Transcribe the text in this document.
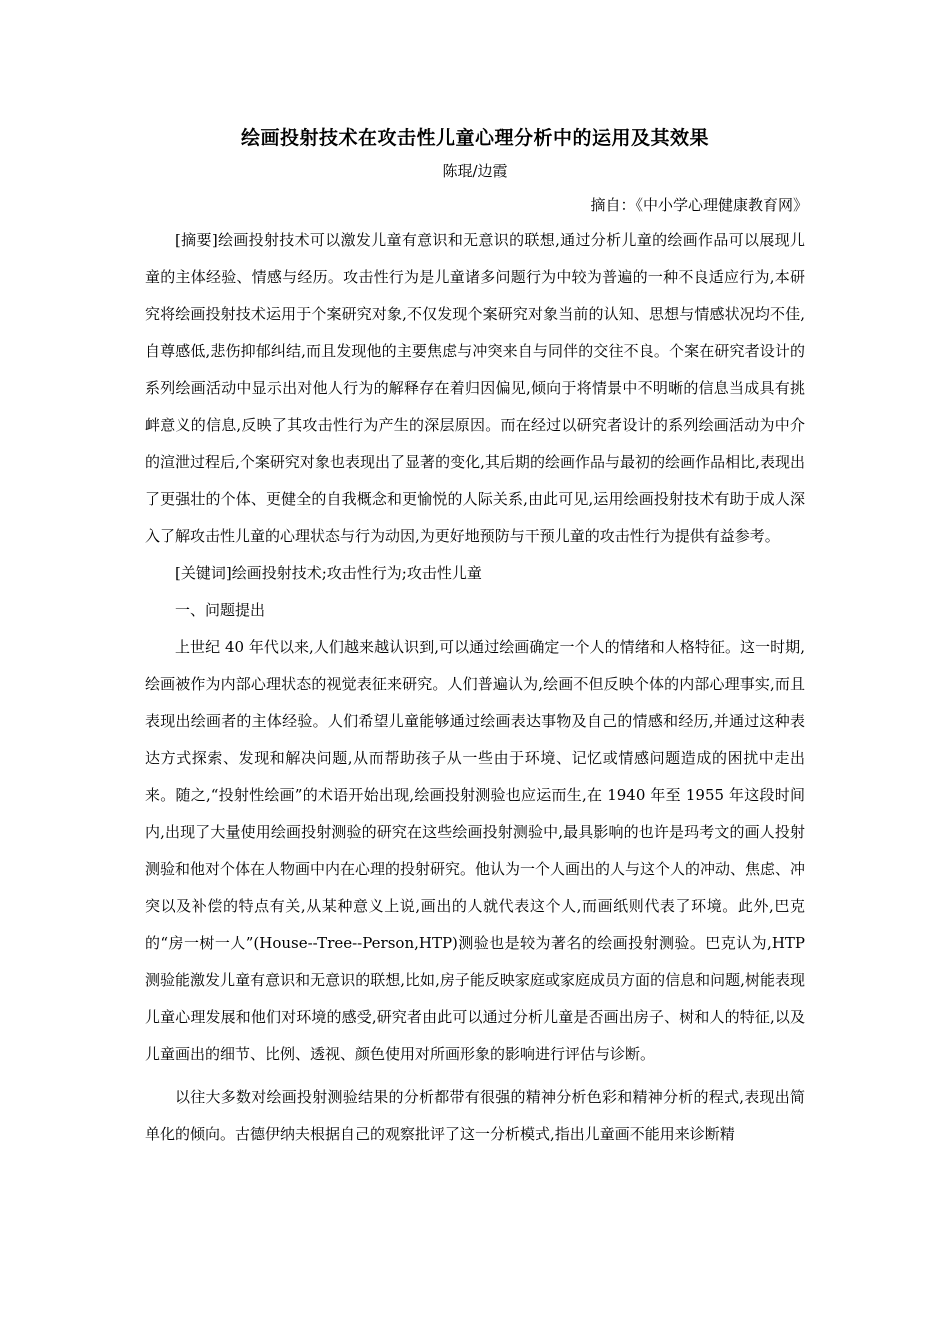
绘画投射技术在攻击性儿童心理分析中的运用及其效果
陈琨/边霞
摘自：《中小学心理健康教育网》

[摘要]绘画投射技术可以激发儿童有意识和无意识的联想,通过分析儿童的绘画作品可以展现儿童的主体经验、情感与经历。攻击性行为是儿童诸多问题行为中较为普遍的一种不良适应行为,本研究将绘画投射技术运用于个案研究对象,不仅发现个案研究对象当前的认知、思想与情感状况均不佳,自尊感低,悲伤抑郁纠结,而且发现他的主要焦虑与冲突来自与同伴的交往不良。个案在研究者设计的系列绘画活动中显示出对他人行为的解释存在着归因偏见,倾向于将情景中不明晰的信息当成具有挑衅意义的信息,反映了其攻击性行为产生的深层原因。而在经过以研究者设计的系列绘画活动为中介的渲泄过程后,个案研究对象也表现出了显著的变化,其后期的绘画作品与最初的绘画作品相比,表现出了更强壮的个体、更健全的自我概念和更愉悦的人际关系,由此可见,运用绘画投射技术有助于成人深入了解攻击性儿童的心理状态与行为动因,为更好地预防与干预儿童的攻击性行为提供有益参考。

[关键词]绘画投射技术;攻击性行为;攻击性儿童

一、问题提出

上世纪 40 年代以来,人们越来越认识到,可以通过绘画确定一个人的情绪和人格特征。这一时期,绘画被作为内部心理状态的视觉表征来研究。人们普遍认为,绘画不但反映个体的内部心理事实,而且表现出绘画者的主体经验。人们希望儿童能够通过绘画表达事物及自己的情感和经历,并通过这种表达方式探索、发现和解决问题,从而帮助孩子从一些由于环境、记忆或情感问题造成的困扰中走出来。随之,“投射性绘画”的术语开始出现,绘画投射测验也应运而生,在 1940 年至 1955 年这段时间内,出现了大量使用绘画投射测验的研究在这些绘画投射测验中,最具影响的也许是玛考文的画人投射测验和他对个体在人物画中内在心理的投射研究。他认为一个人画出的人与这个人的冲动、焦虑、冲突以及补偿的特点有关,从某种意义上说,画出的人就代表这个人,而画纸则代表了环境。此外,巴克的“房一树一人”(House--Tree--Person,HTP)测验也是较为著名的绘画投射测验。巴克认为,HTP 测验能激发儿童有意识和无意识的联想,比如,房子能反映家庭或家庭成员方面的信息和问题,树能表现儿童心理发展和他们对环境的感受,研究者由此可以通过分析儿童是否画出房子、树和人的特征,以及儿童画出的细节、比例、透视、颜色使用对所画形象的影响进行评估与诊断。

以往大多数对绘画投射测验结果的分析都带有很强的精神分析色彩和精神分析的程式,表现出简单化的倾向。古德伊纳夫根据自己的观察批评了这一分析模式,指出儿童画不能用来诊断精
